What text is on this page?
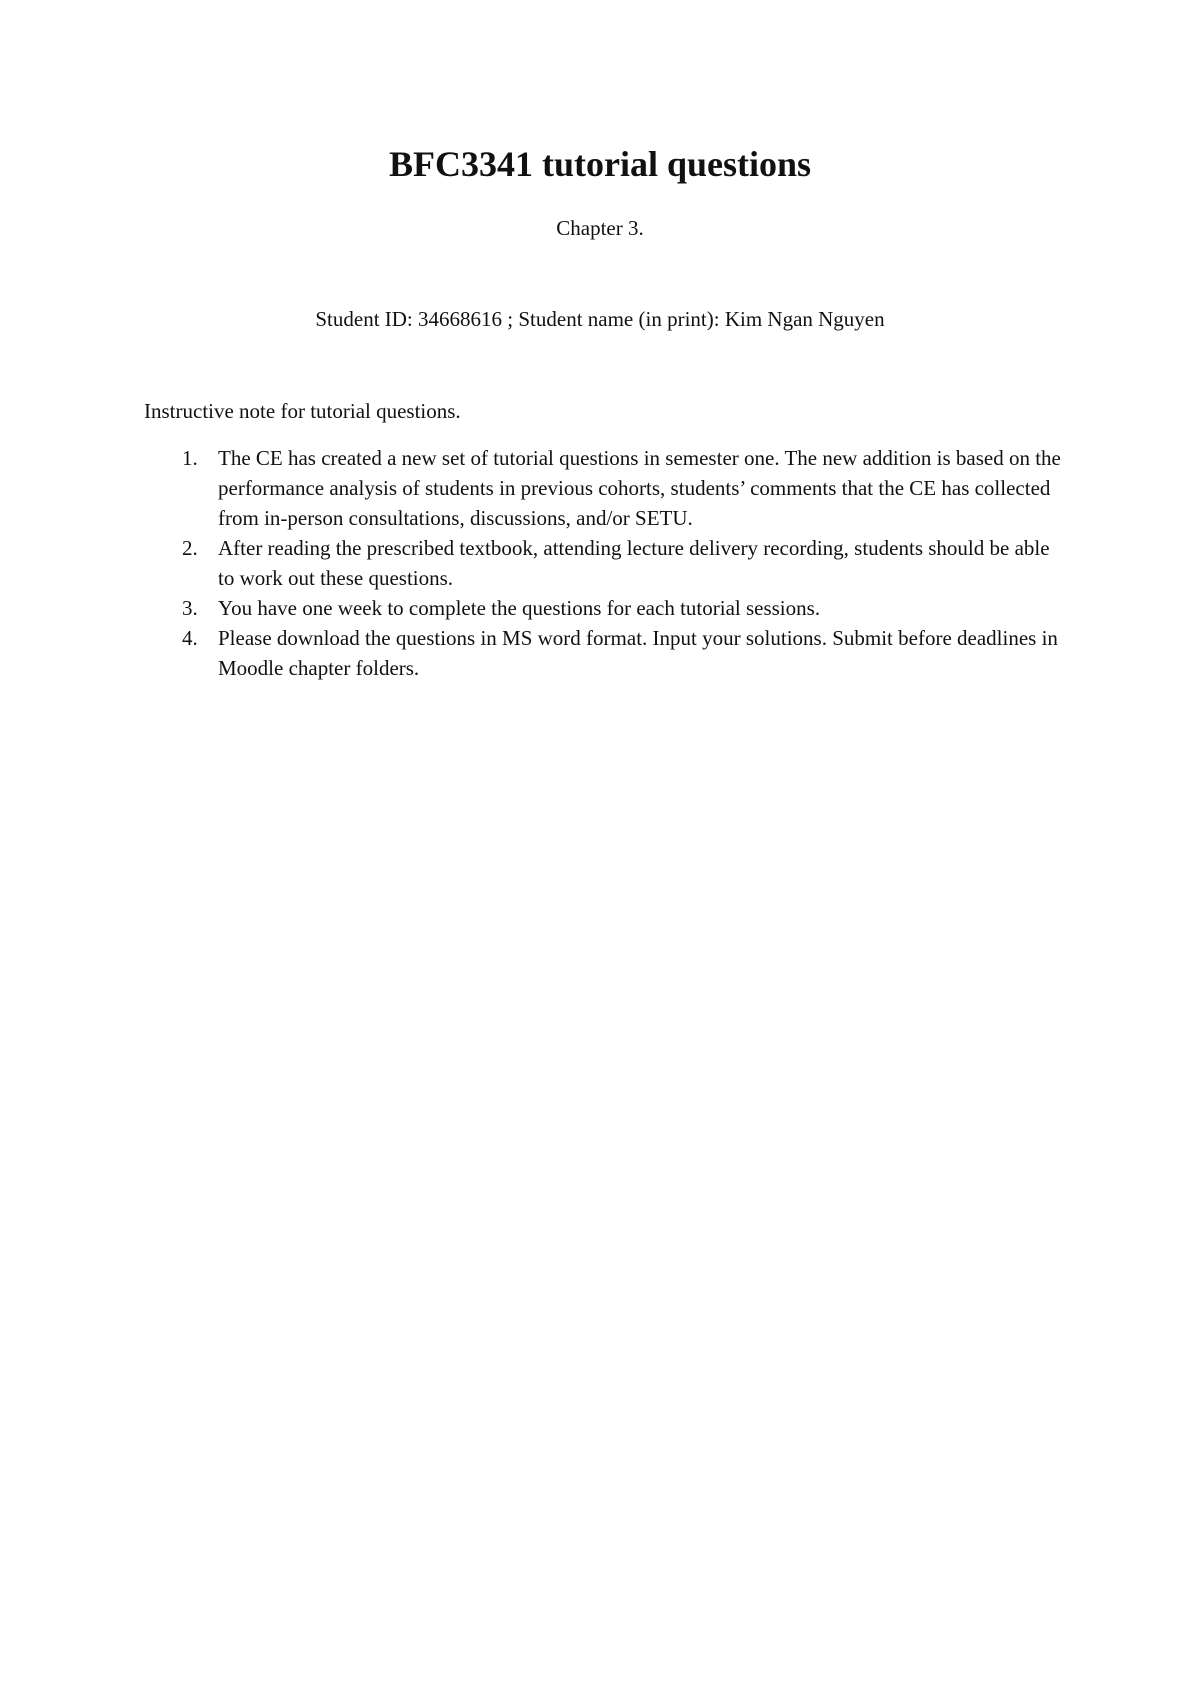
BFC3341 tutorial questions
Chapter 3.
Student ID: 34668616 ; Student name (in print): Kim Ngan Nguyen
Instructive note for tutorial questions.
1. The CE has created a new set of tutorial questions in semester one. The new addition is based on the performance analysis of students in previous cohorts, students’ comments that the CE has collected from in-person consultations, discussions, and/or SETU.
2. After reading the prescribed textbook, attending lecture delivery recording, students should be able to work out these questions.
3. You have one week to complete the questions for each tutorial sessions.
4. Please download the questions in MS word format. Input your solutions. Submit before deadlines in Moodle chapter folders.
